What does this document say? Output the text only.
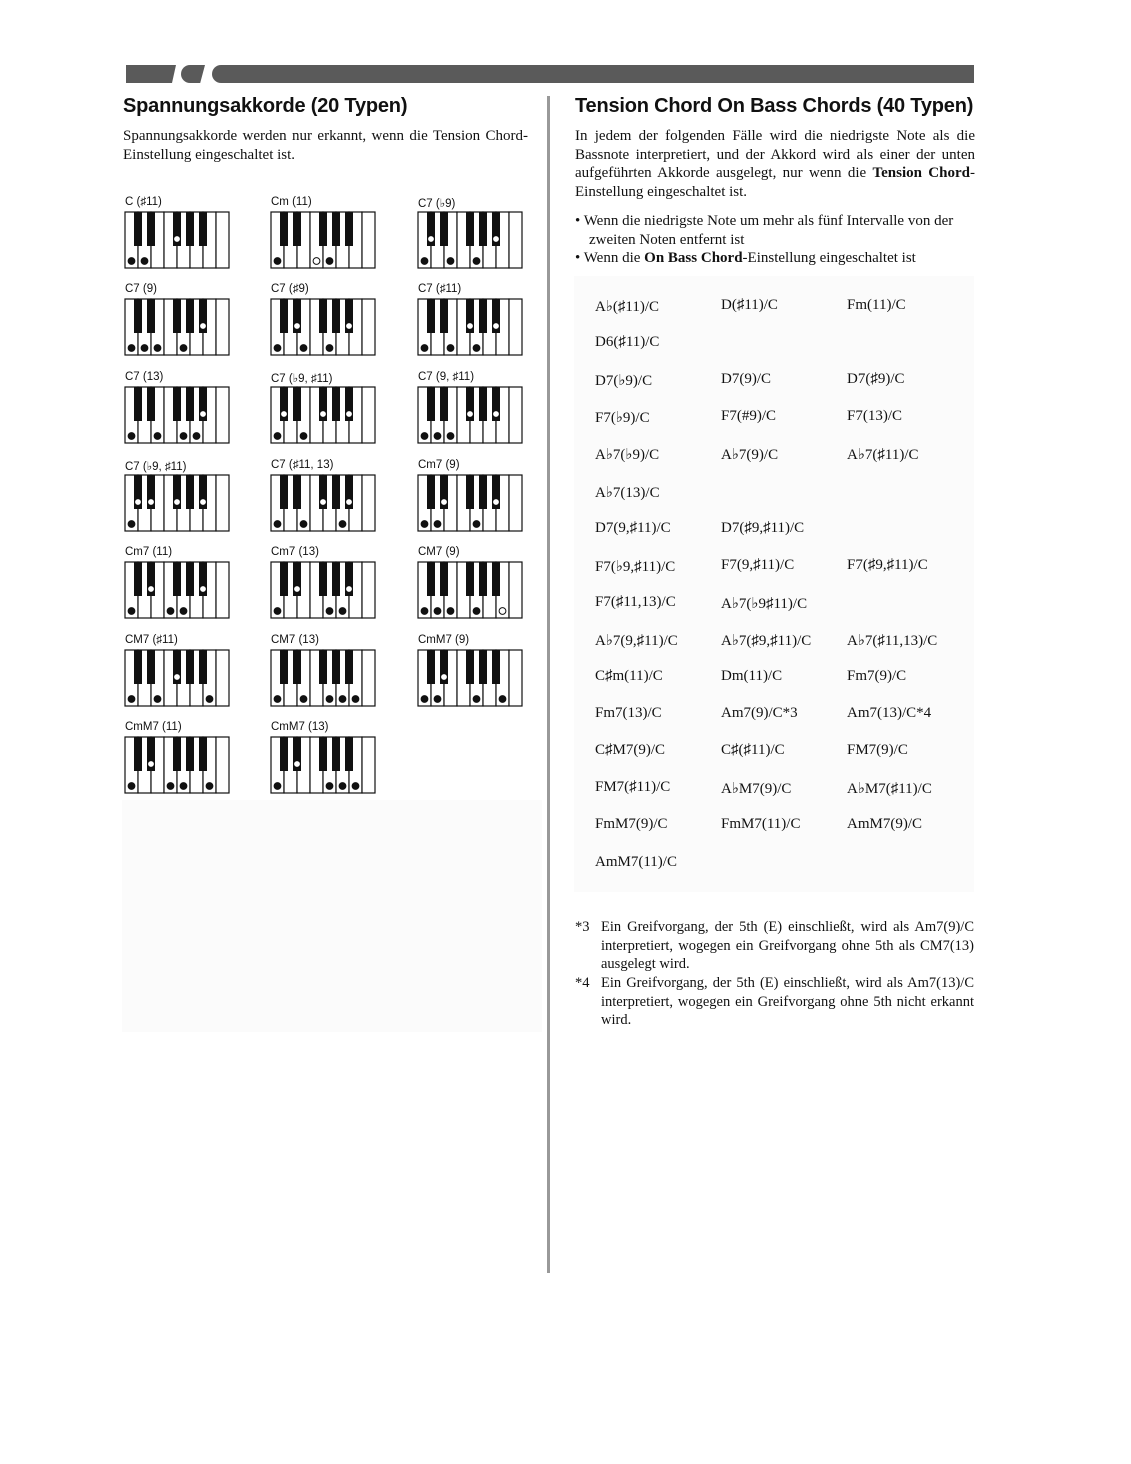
Spannungsakkorde (20 Typen)

Spannungsakkorde werden nur erkannt, wenn die Tension Chord-Einstellung eingeschaltet ist.

C (♯11)	Cm (11)	C7 (♭9)
C7 (9)	C7 (♯9)	C7 (♯11)
C7 (13)	C7 (♭9, ♯11)	C7 (9, ♯11)
C7 (♭9, ♯11)	C7 (♯11, 13)	Cm7 (9)
Cm7 (11)	Cm7 (13)	CM7 (9)
CM7 (♯11)	CM7 (13)	CmM7 (9)
CmM7 (11)	CmM7 (13)
Tension Chord On Bass Chords (40 Typen)

In jedem der folgenden Fälle wird die niedrigste Note als die Bassnote interpretiert, und der Akkord wird als einer der unten aufgeführten Akkorde ausgelegt, nur wenn die Tension Chord-Einstellung eingeschaltet ist.

• Wenn die niedrigste Note um mehr als fünf Intervalle von der zweiten Noten entfernt ist
• Wenn die On Bass Chord-Einstellung eingeschaltet ist
A♭(♯11)/C	D(♯11)/C	Fm(11)/C
D6(♯11)/C
D7(♭9)/C	D7(9)/C	D7(♯9)/C
F7(♭9)/C	F7(#9)/C	F7(13)/C
A♭7(♭9)/C	A♭7(9)/C	A♭7(♯11)/C
A♭7(13)/C
D7(9,♯11)/C	D7(♯9,♯11)/C
F7(♭9,♯11)/C	F7(9,♯11)/C	F7(♯9,♯11)/C
F7(♯11,13)/C	A♭7(♭9♯11)/C
A♭7(9,♯11)/C	A♭7(♯9,♯11)/C A♭7(♯11,13)/C
C♯m(11)/C	Dm(11)/C	Fm7(9)/C
Fm7(13)/C	Am7(9)/C*3	Am7(13)/C*4
C♯M7(9)/C	C♯(♯11)/C	FM7(9)/C
FM7(♯11)/C	A♭M7(9)/C	A♭M7(♯11)/C
FmM7(9)/C	FmM7(11)/C	AmM7(9)/C
AmM7(11)/C
*3 Ein Greifvorgang, der 5th (E) einschließt, wird als Am7(9)/C interpretiert, wogegen ein Greifvorgang ohne 5th als CM7(13) ausgelegt wird.
*4 Ein Greifvorgang, der 5th (E) einschließt, wird als Am7(13)/C interpretiert, wogegen ein Greifvorgang ohne 5th nicht erkannt wird.
